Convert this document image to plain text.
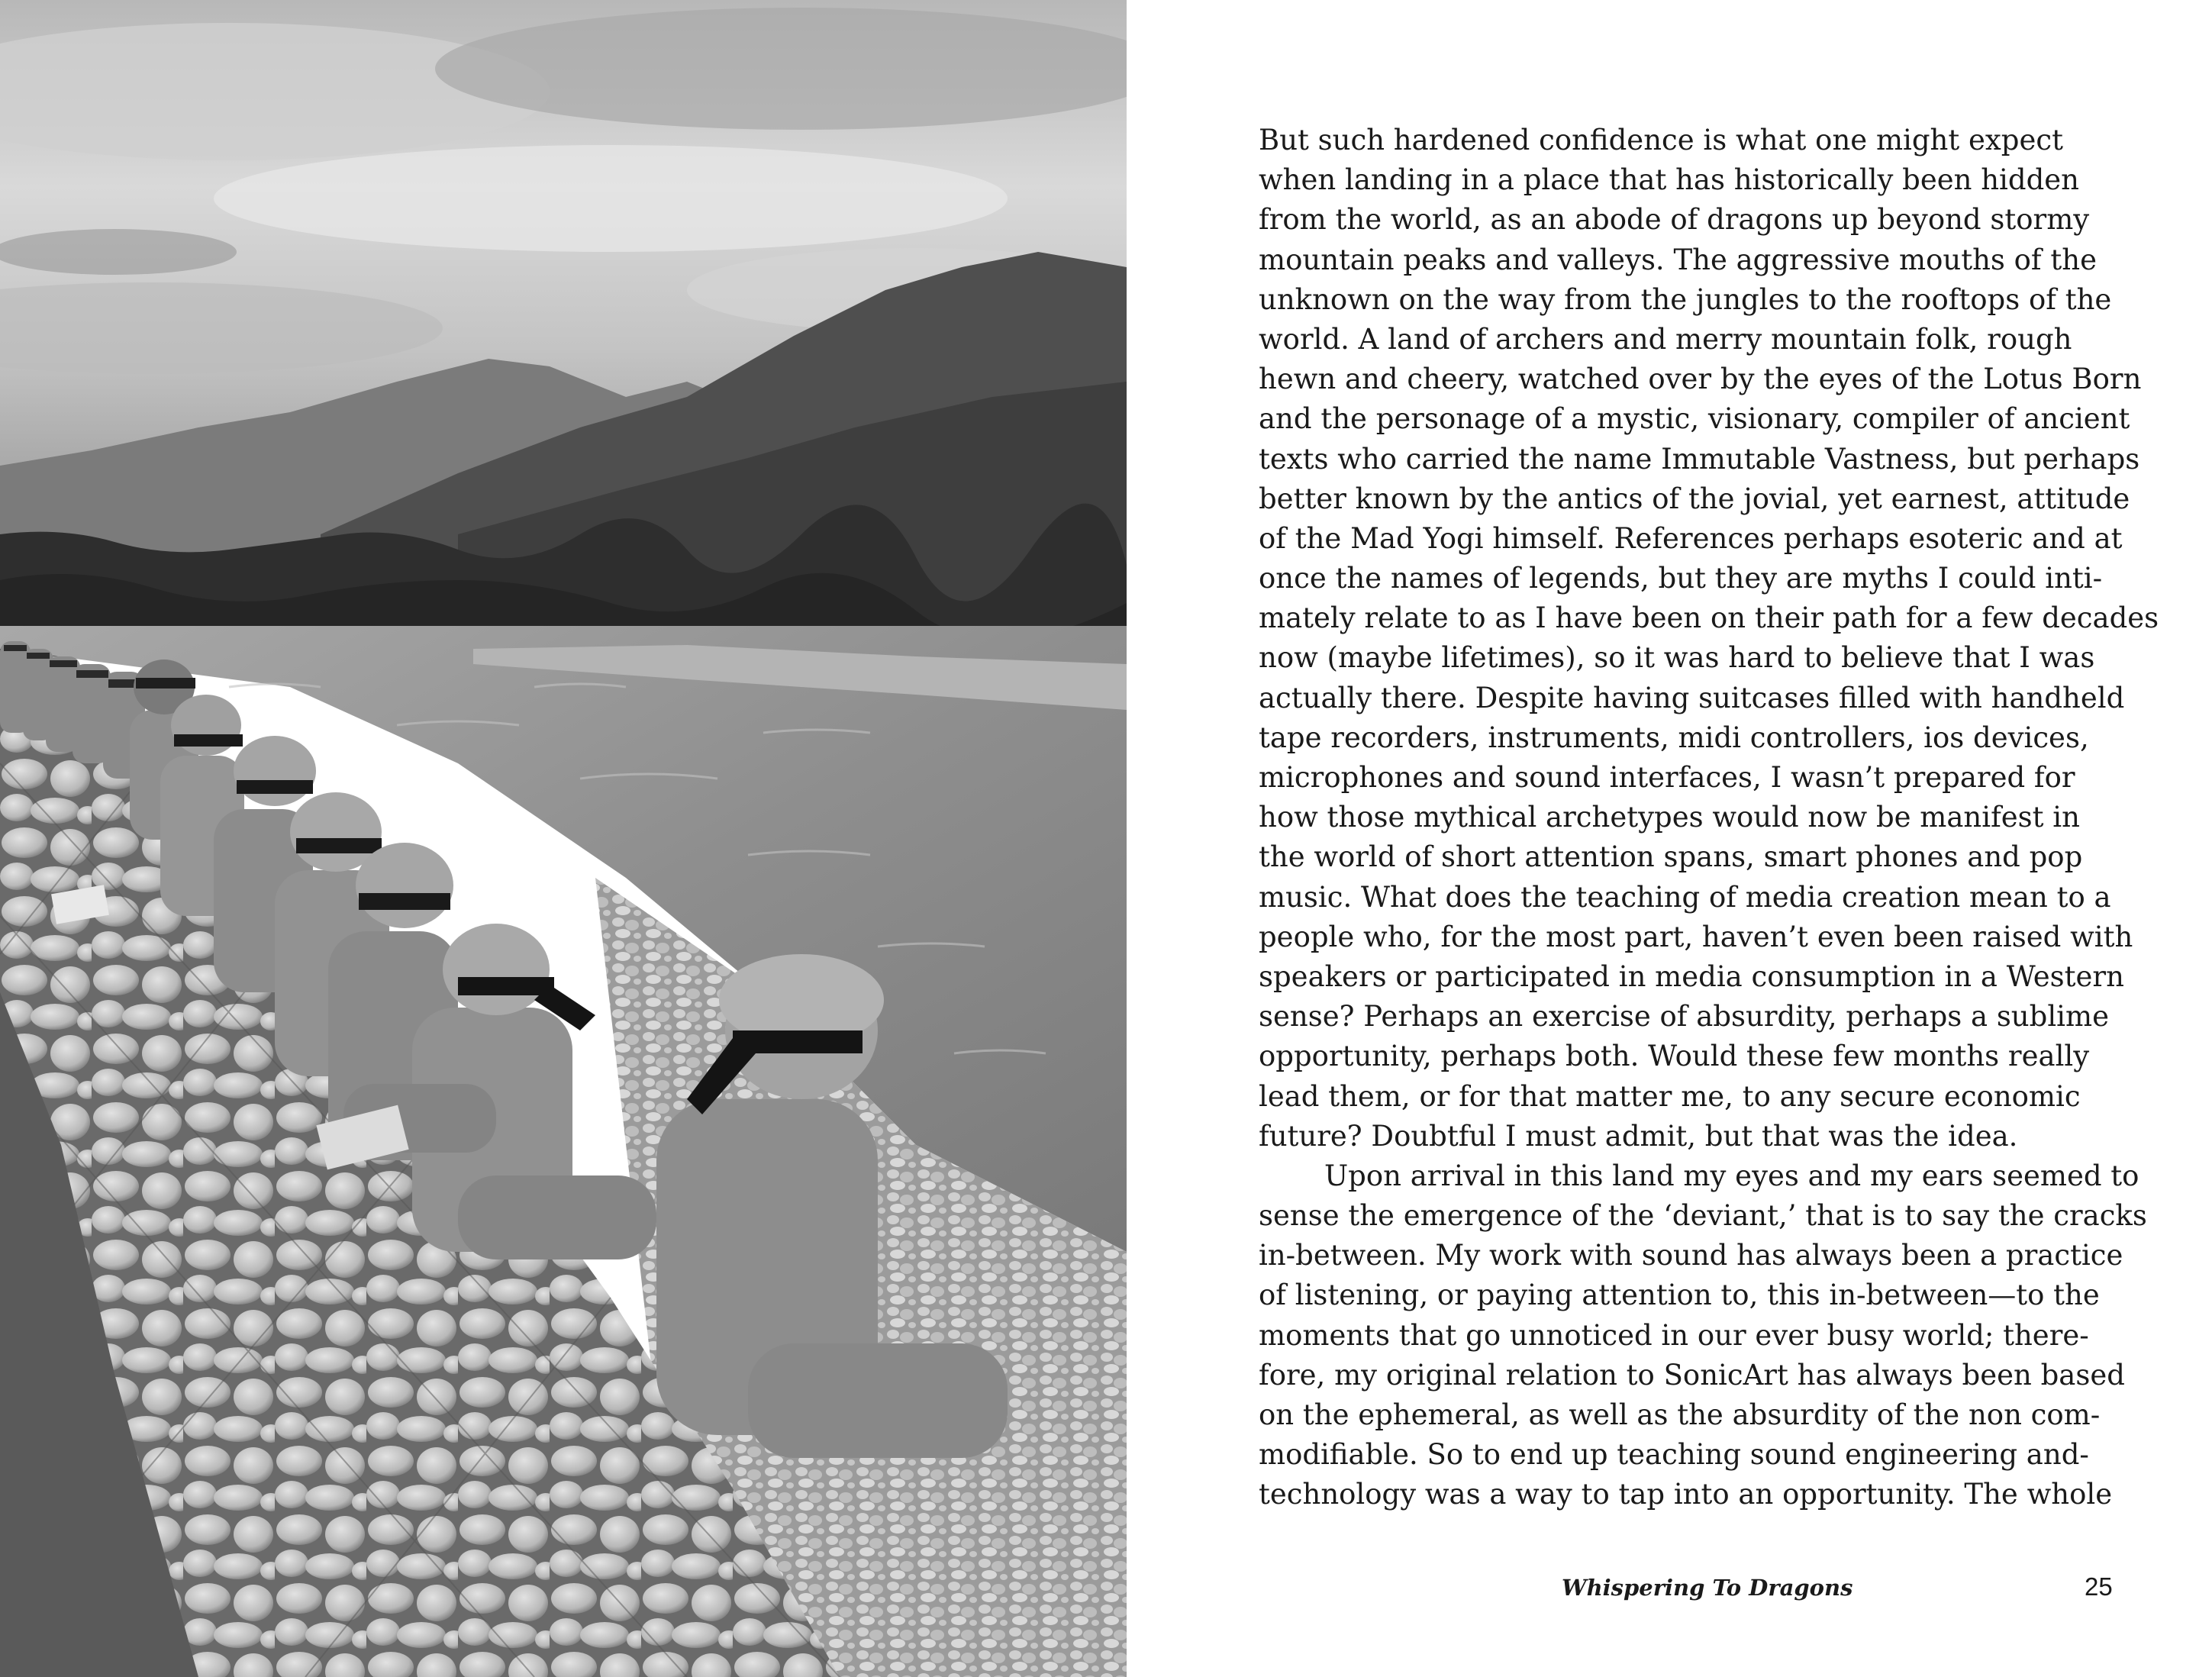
But such hardened confidence is what one might expect
when landing in a place that has historically been hidden
from the world, as an abode of dragons up beyond stormy
mountain peaks and valleys. The aggressive mouths of the
unknown on the way from the jungles to the rooftops of the
world. A land of archers and merry mountain folk, rough
hewn and cheery, watched over by the eyes of the Lotus Born
and the personage of a mystic, visionary, compiler of ancient
texts who carried the name Immutable Vastness, but perhaps
better known by the antics of the jovial, yet earnest, attitude
of the Mad Yogi himself. References perhaps esoteric and at
once the names of legends, but they are myths I could inti-
mately relate to as I have been on their path for a few decades
now (maybe lifetimes), so it was hard to believe that I was
actually there. Despite having suitcases filled with handheld
tape recorders, instruments, midi controllers, ios devices,
microphones and sound interfaces, I wasn’t prepared for
how those mythical archetypes would now be manifest in
the world of short attention spans, smart phones and pop
music. What does the teaching of media creation mean to a
people who, for the most part, haven’t even been raised with
speakers or participated in media consumption in a Western
sense? Perhaps an exercise of absurdity, perhaps a sublime
opportunity, perhaps both. Would these few months really
lead them, or for that matter me, to any secure economic
future? Doubtful I must admit, but that was the idea.
Upon arrival in this land my eyes and my ears seemed to
sense the emergence of the ‘deviant,’ that is to say the cracks
in-between. My work with sound has always been a practice
of listening, or paying attention to, this in-between—to the
moments that go unnoticed in our ever busy world; there-
fore, my original relation to SonicArt has always been based
on the ephemeral, as well as the absurdity of the non com-
modifiable. So to end up teaching sound engineering and-
technology was a way to tap into an opportunity. The whole

Whispering To Dragons	25
